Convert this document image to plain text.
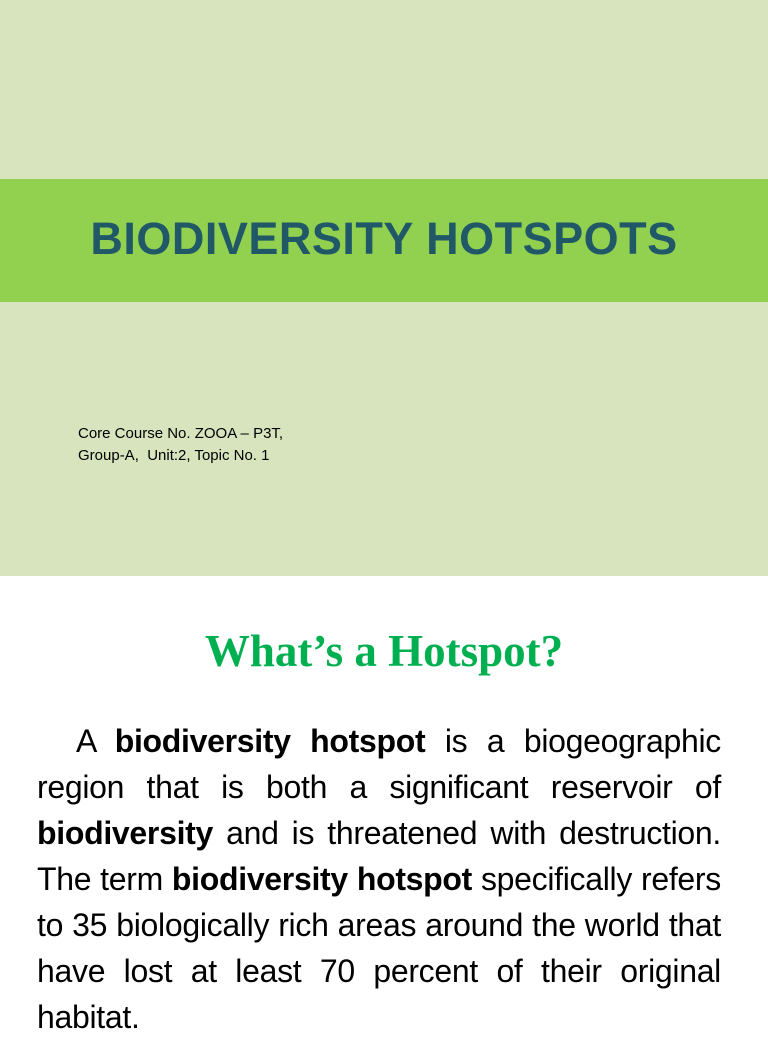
BIODIVERSITY HOTSPOTS
Core Course No. ZOOA – P3T,
Group-A,  Unit:2, Topic No. 1
What’s a Hotspot?
A biodiversity hotspot is a biogeographic region that is both a significant reservoir of biodiversity and is threatened with destruction. The term biodiversity hotspot specifically refers to 35 biologically rich areas around the world that have lost at least 70 percent of their original habitat.
